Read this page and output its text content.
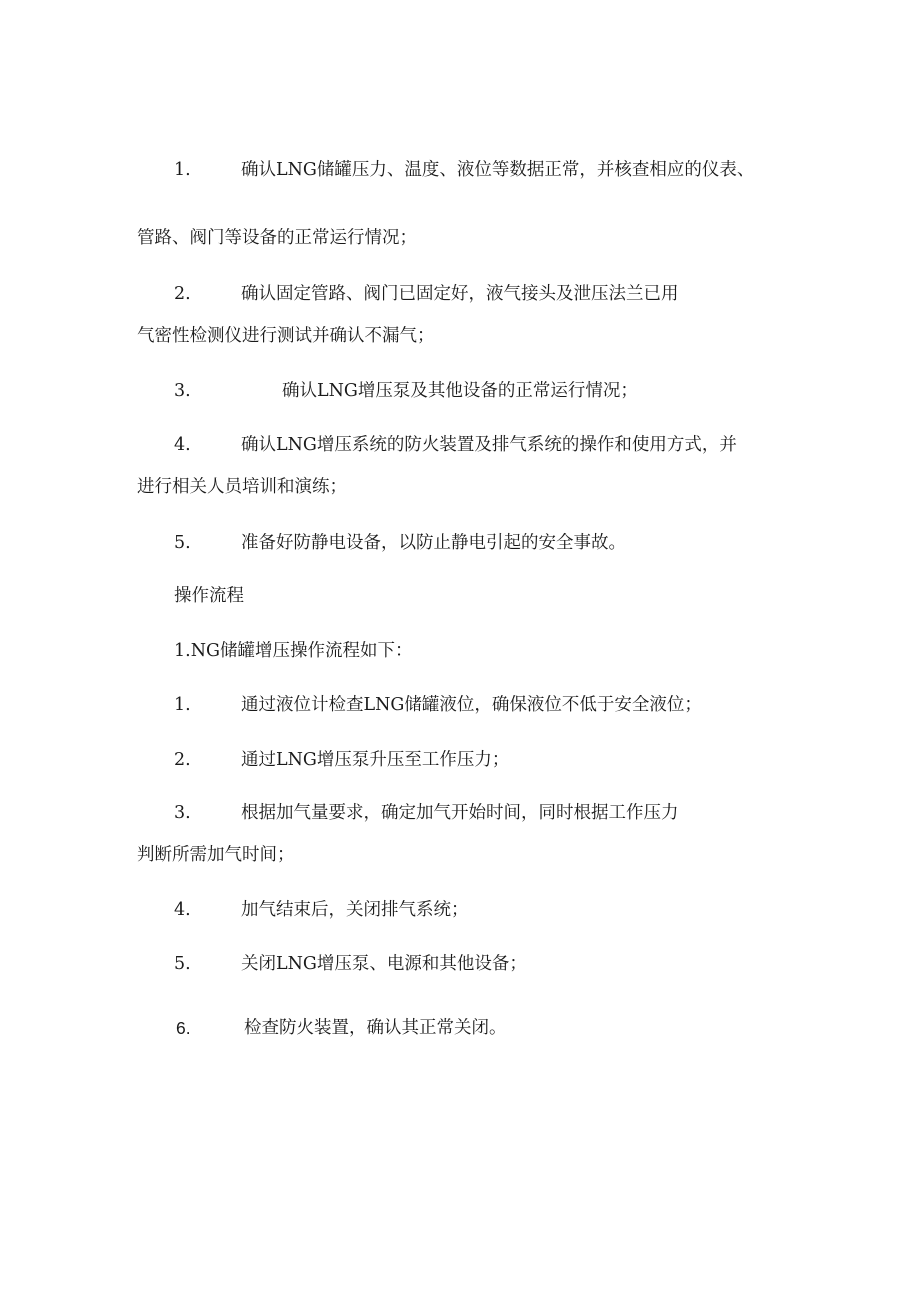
1.	确认LNG储罐压力、温度、液位等数据正常，并核查相应的仪表、
管路、阀门等设备的正常运行情况；
2.	确认固定管路、阀门已固定好，液气接头及泄压法兰已用
气密性检测仪进行测试并确认不漏气；
3.	确认LNG增压泵及其他设备的正常运行情况；
4.	确认LNG增压系统的防火装置及排气系统的操作和使用方式，并
进行相关人员培训和演练；
5.	准备好防静电设备，以防止静电引起的安全事故。
操作流程
1.NG储罐增压操作流程如下：
1.	通过液位计检查LNG储罐液位，确保液位不低于安全液位；
2.	通过LNG增压泵升压至工作压力；
3.	根据加气量要求，确定加气开始时间，同时根据工作压力
判断所需加气时间；
4.	加气结束后，关闭排气系统；
5.	关闭LNG增压泵、电源和其他设备；
6.	检查防火装置，确认其正常关闭。
